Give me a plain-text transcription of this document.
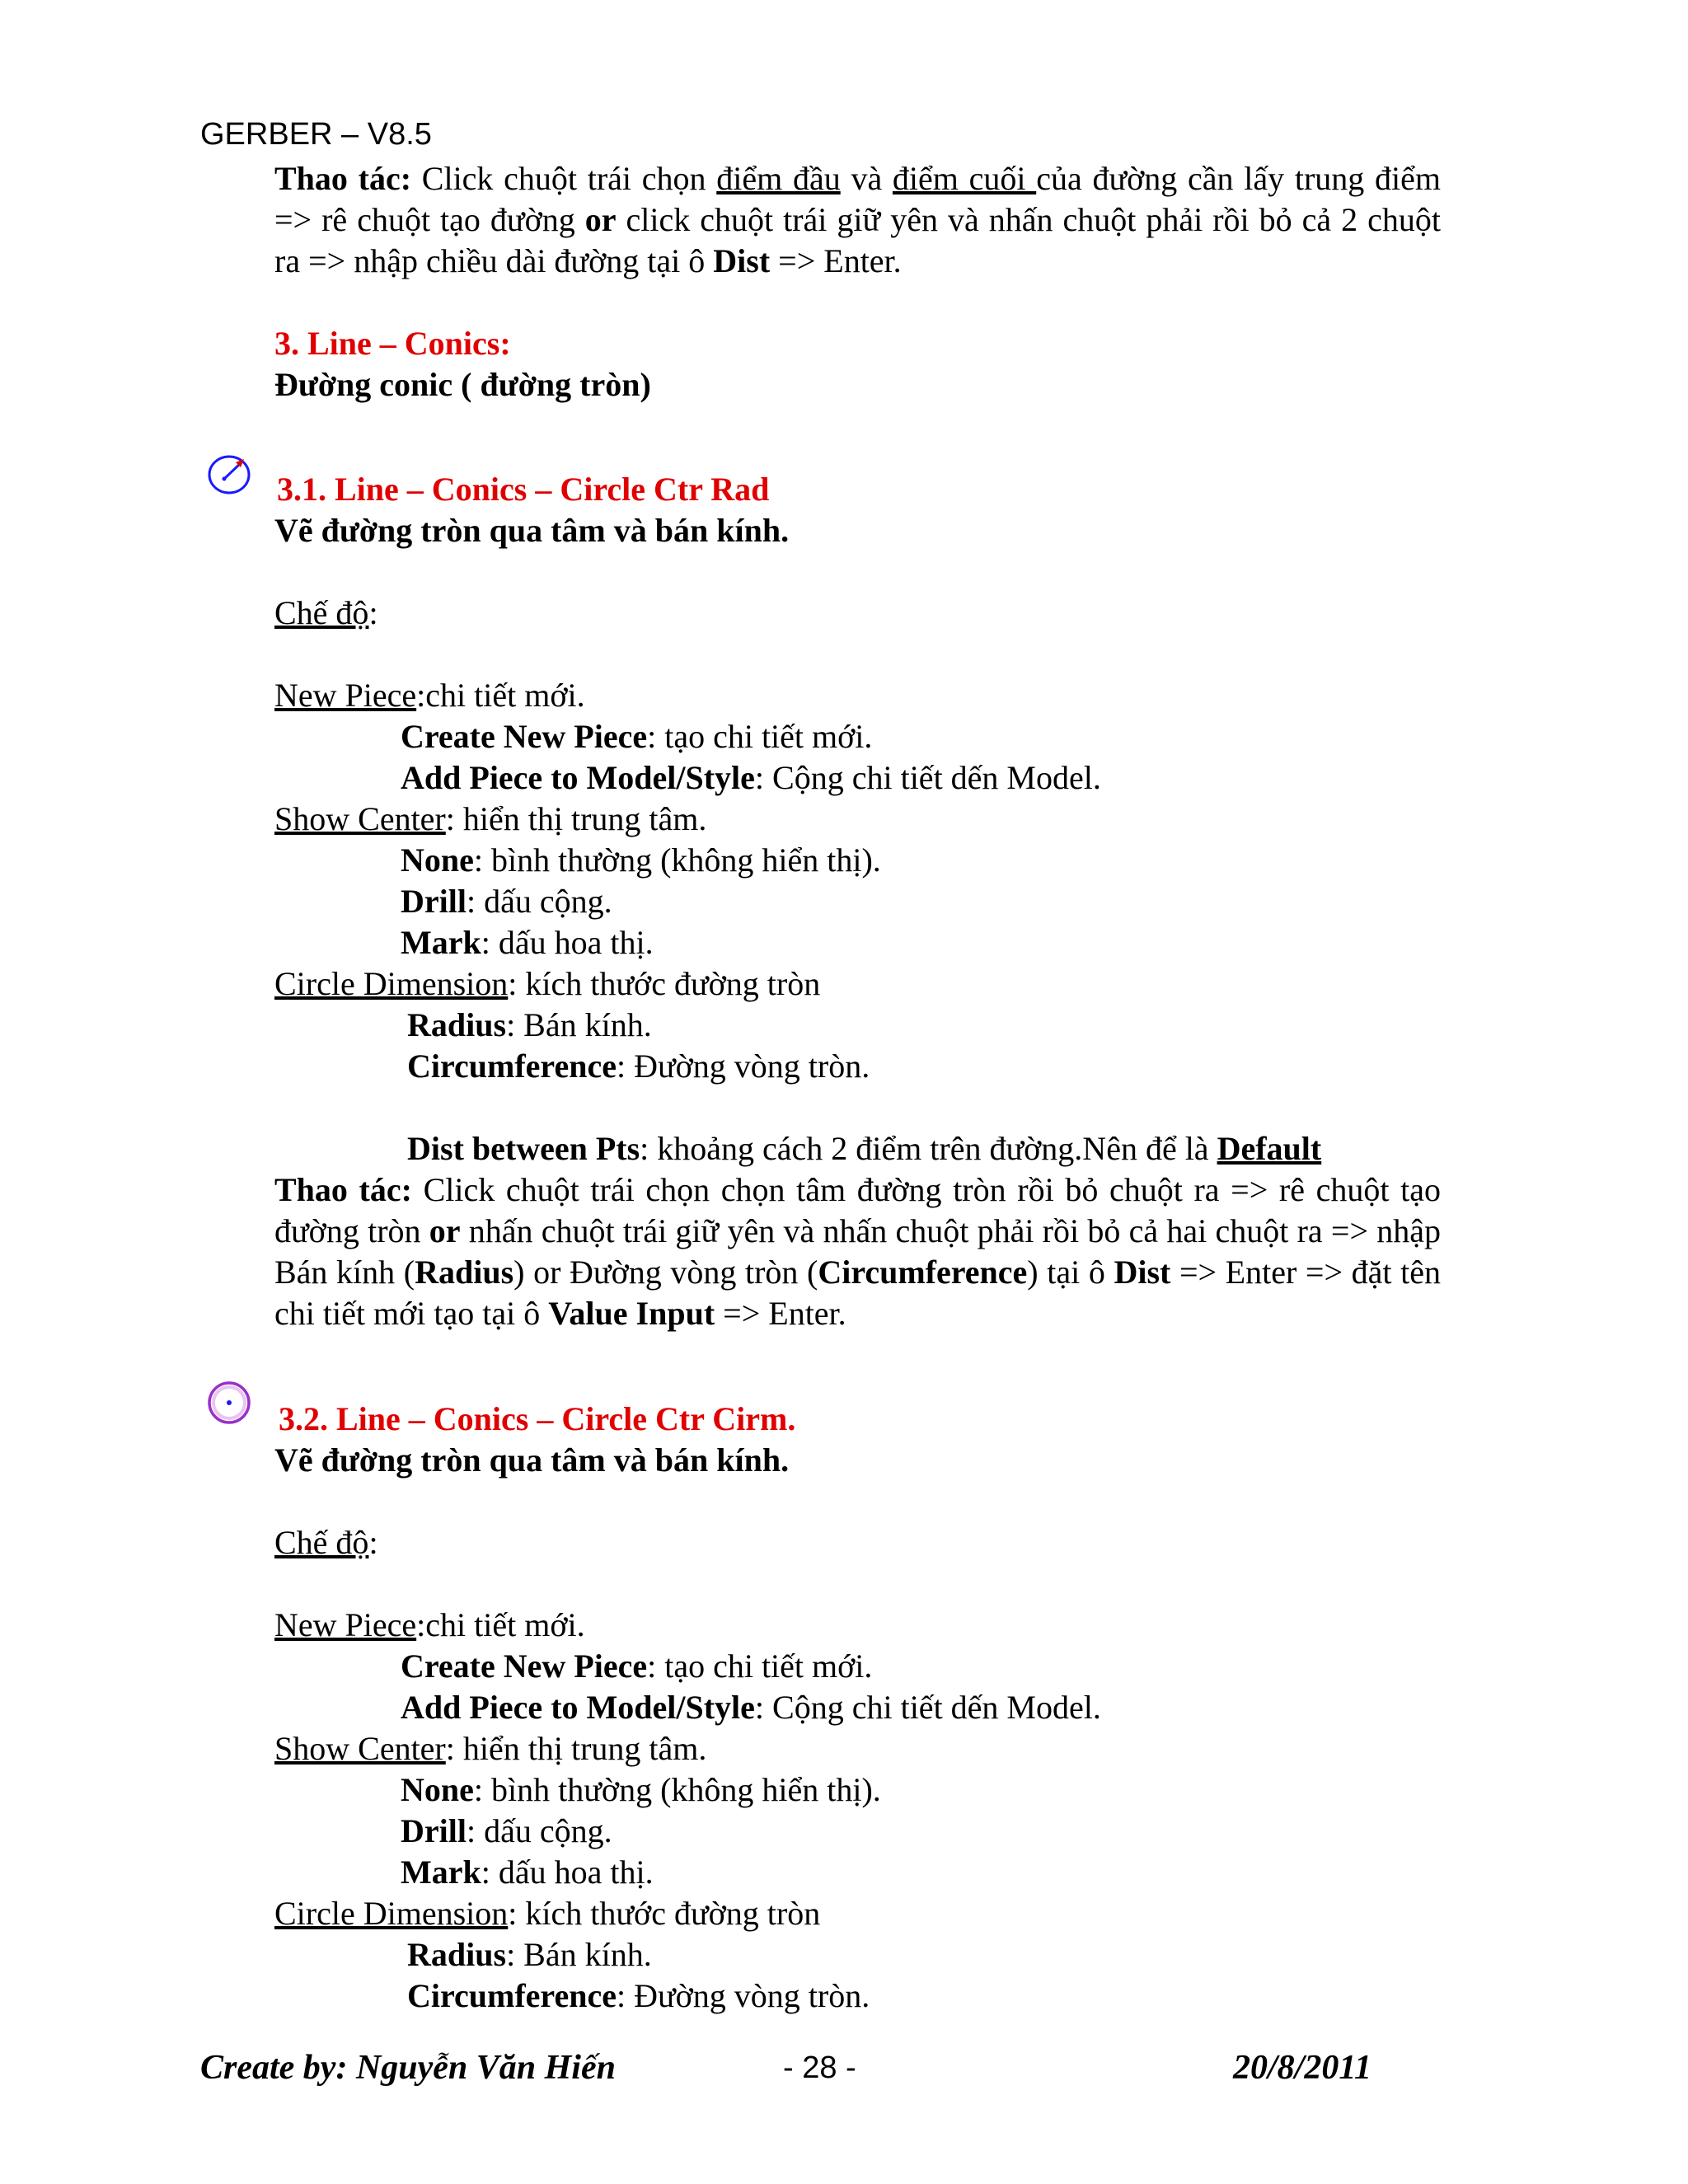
GERBER – V8.5
Thao tác: Click chuột trái chọn điểm đầu và điểm cuối của đường cần lấy trung điểm => rê chuột tạo đường or click chuột trái giữ yên và nhấn chuột phải rồi bỏ cả 2 chuột ra => nhập chiều dài đường tại ô Dist => Enter.
3. Line – Conics:
Đường conic ( đường tròn)
3.1. Line – Conics – Circle Ctr Rad
Vẽ đường tròn qua tâm và bán kính.
Chế độ:
New Piece:chi tiết mới.
Create New Piece: tạo chi tiết mới.
Add Piece to Model/Style: Cộng chi tiết dến Model.
Show Center: hiển thị trung tâm.
None: bình thường (không hiển thị).
Drill: dấu cộng.
Mark: dấu hoa thị.
Circle Dimension: kích thước đường tròn
Radius: Bán kính.
Circumference: Đường vòng tròn.
Dist between Pts: khoảng cách 2 điểm trên đường.Nên để là Default
Thao tác: Click chuột trái chọn chọn tâm đường tròn rồi bỏ chuột ra => rê chuột tạo đường tròn or nhấn chuột trái giữ yên và nhấn chuột phải rồi bỏ cả hai chuột ra => nhập Bán kính (Radius) or Đường vòng tròn (Circumference) tại ô Dist => Enter => đặt tên chi tiết mới tạo tại ô Value Input => Enter.
3.2. Line – Conics – Circle Ctr Cirm.
Vẽ đường tròn qua tâm và bán kính.
Chế độ:
New Piece:chi tiết mới.
Create New Piece: tạo chi tiết mới.
Add Piece to Model/Style: Cộng chi tiết dến Model.
Show Center: hiển thị trung tâm.
None: bình thường (không hiển thị).
Drill: dấu cộng.
Mark: dấu hoa thị.
Circle Dimension: kích thước đường tròn
Radius: Bán kính.
Circumference: Đường vòng tròn.
Create by: Nguyễn Văn Hiến	- 28 -	20/8/2011
